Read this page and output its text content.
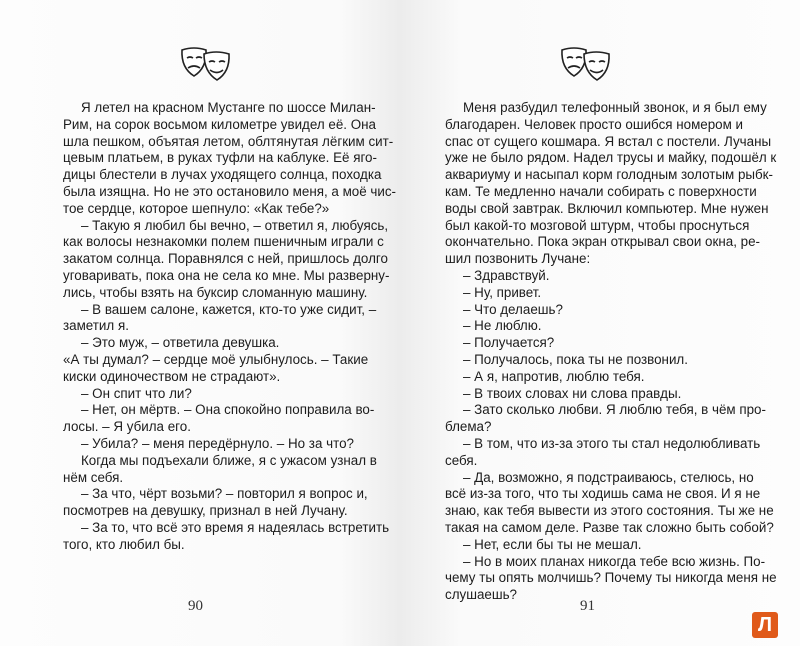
Я летел на красном Мустанге по шоссе Милан-
Рим, на сорок восьмом километре увидел её. Она
шла пешком, объятая летом, облтянутая лёгким сит-
цевым платьем, в руках туфли на каблуке. Её яго-
дицы блестели в лучах уходящего солнца, походка
была изящна. Но не это остановило меня, а моё чис-
тое сердце, которое шепнуло: «Как тебе?»
– Такую я любил бы вечно, – ответил я, любуясь,
как волосы незнакомки полем пшеничным играли с
закатом солнца. Поравнялся с ней, пришлось долго
уговаривать, пока она не села ко мне. Мы разверну-
лись, чтобы взять на буксир сломанную машину.
– В вашем салоне, кажется, кто-то уже сидит, –
заметил я.
– Это муж, – ответила девушка.
«А ты думал? – сердце моё улыбнулось. – Такие
киски одиночеством не страдают».
– Он спит что ли?
– Нет, он мёртв. – Она спокойно поправила во-
лосы. – Я убила его.
– Убила? – меня передёрнуло. – Но за что?
Когда мы подъехали ближе, я с ужасом узнал в
нём себя.
– За что, чёрт возьми? – повторил я вопрос и,
посмотрев на девушку, признал в ней Лучану.
– За то, что всё это время я надеялась встретить
того, кто любил бы.
90
Меня разбудил телефонный звонок, и я был ему
благодарен. Человек просто ошибся номером и
спас от сущего кошмара. Я встал с постели. Лучаны
уже не было рядом. Надел трусы и майку, подошёл к
аквариуму и насыпал корм голодным золотым рыбк-
кам. Те медленно начали собирать с поверхности
воды свой завтрак. Включил компьютер. Мне нужен
был какой-то мозговой штурм, чтобы проснуться
окончательно. Пока экран открывал свои окна, ре-
шил позвонить Лучане:
– Здравствуй.
– Ну, привет.
– Что делаешь?
– Не люблю.
– Получается?
– Получалось, пока ты не позвонил.
– А я, напротив, люблю тебя.
– В твоих словах ни слова правды.
– Зато сколько любви. Я люблю тебя, в чём про-
блема?
– В том, что из-за этого ты стал недолюбливать
себя.
– Да, возможно, я подстраиваюсь, стелюсь, но
всё из-за того, что ты ходишь сама не своя. И я не
знаю, как тебя вывести из этого состояния. Ты же не
такая на самом деле. Разве так сложно быть собой?
– Нет, если бы ты не мешал.
– Но в моих планах никогда тебе всю жизнь. По-
чему ты опять молчишь? Почему ты никогда меня не
слушаешь?
91
Л
